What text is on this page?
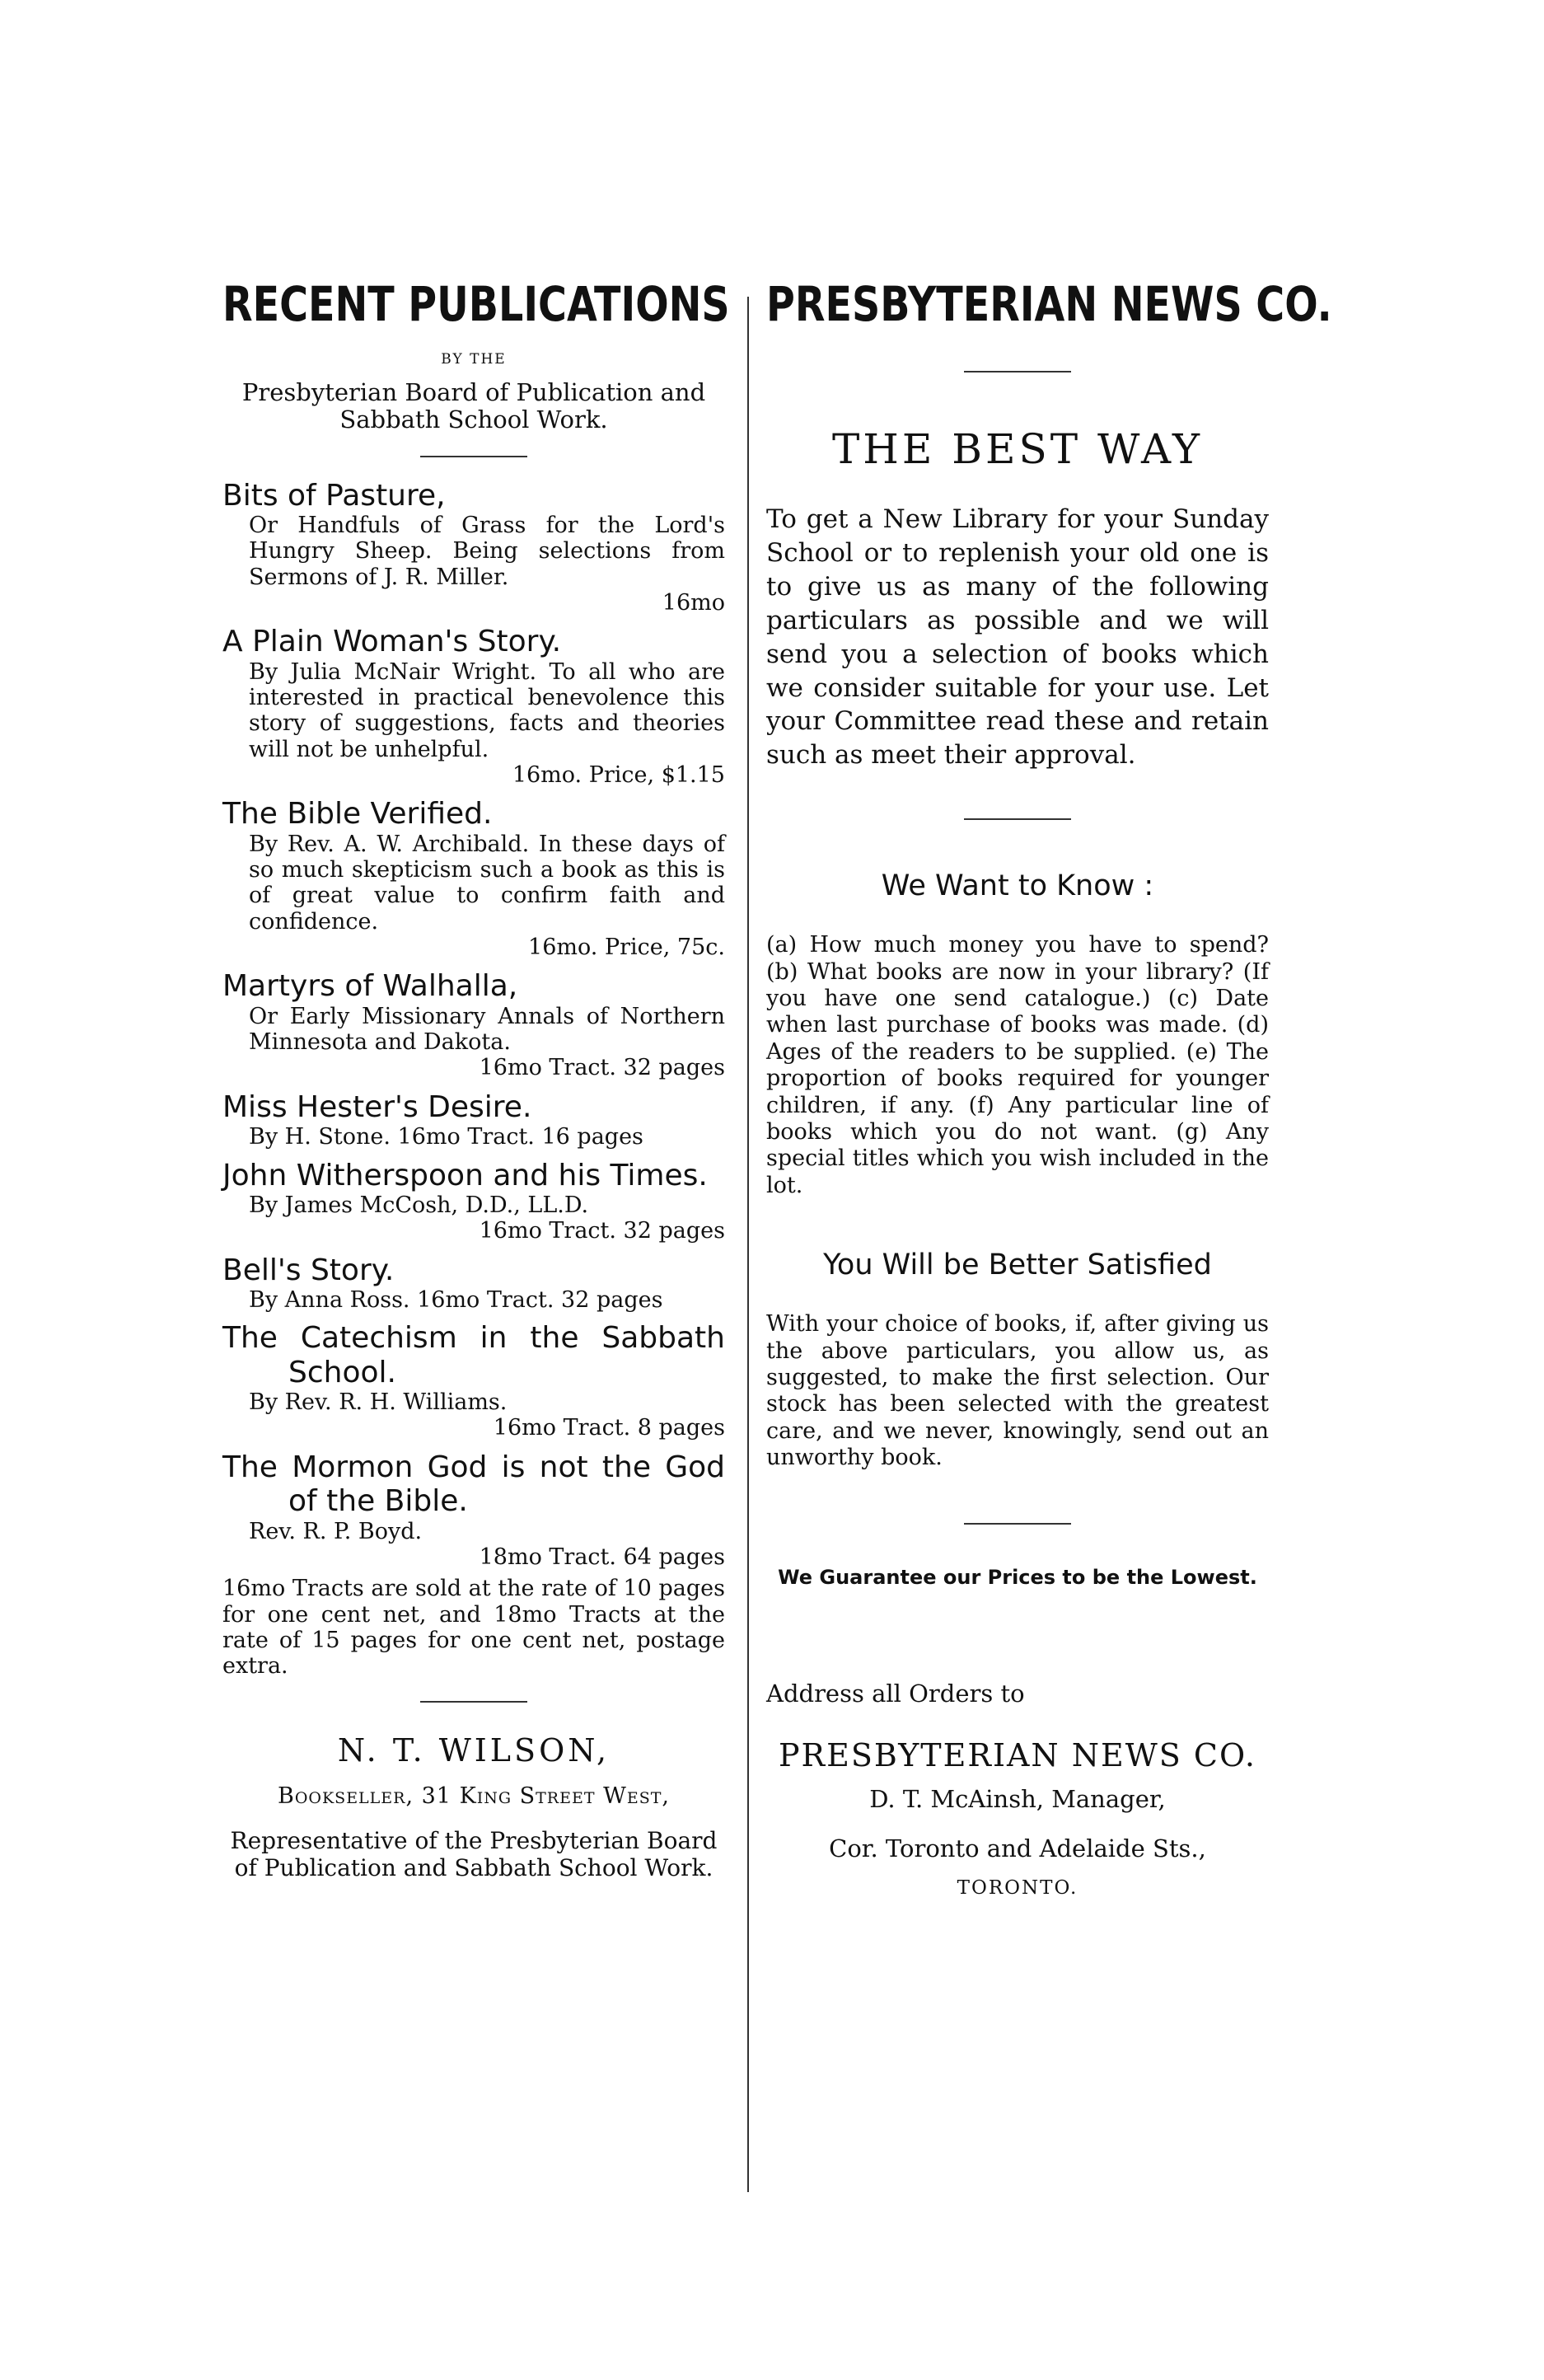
RECENT PUBLICATIONS
BY THE
Presbyterian Board of Publication and Sabbath School Work.
Bits of Pasture,
Or Handfuls of Grass for the Lord's Hungry Sheep. Being selections from Sermons of J. R. Miller.
16mo
A Plain Woman's Story.
By Julia McNair Wright. To all who are interested in practical benevolence this story of suggestions, facts and theories will not be unhelpful.
16mo. Price, $1.15
The Bible Verified.
By Rev. A. W. Archibald. In these days of so much skepticism such a book as this is of great value to confirm faith and confidence.
16mo. Price, 75c.
Martyrs of Walhalla,
Or Early Missionary Annals of Northern Minnesota and Dakota.
16mo Tract. 32 pages
Miss Hester's Desire.
By H. Stone. 16mo Tract. 16 pages
John Witherspoon and his Times.
By James McCosh, D.D., LL.D.
16mo Tract. 32 pages
Bell's Story.
By Anna Ross. 16mo Tract. 32 pages
The Catechism in the Sabbath School.
By Rev. R. H. Williams.
16mo Tract. 8 pages
The Mormon God is not the God of the Bible.
Rev. R. P. Boyd.
18mo Tract. 64 pages
16mo Tracts are sold at the rate of 10 pages for one cent net, and 18mo Tracts at the rate of 15 pages for one cent net, postage extra.
N. T. WILSON,
Bookseller, 31 King Street West,
Representative of the Presbyterian Board of Publication and Sabbath School Work.
PRESBYTERIAN NEWS CO.
THE BEST WAY
To get a New Library for your Sunday School or to replenish your old one is to give us as many of the following particulars as possible and we will send you a selection of books which we consider suitable for your use. Let your Committee read these and retain such as meet their approval.
We Want to Know :
(a) How much money you have to spend? (b) What books are now in your library? (If you have one send catalogue.) (c) Date when last purchase of books was made. (d) Ages of the readers to be supplied. (e) The proportion of books required for younger children, if any. (f) Any particular line of books which you do not want. (g) Any special titles which you wish included in the lot.
You Will be Better Satisfied
With your choice of books, if, after giving us the above particulars, you allow us, as suggested, to make the first selection. Our stock has been selected with the greatest care, and we never, knowingly, send out an unworthy book.
We Guarantee our Prices to be the Lowest.
Address all Orders to
PRESBYTERIAN NEWS CO.
D. T. McAinsh, Manager,
Cor. Toronto and Adelaide Sts.,
TORONTO.
